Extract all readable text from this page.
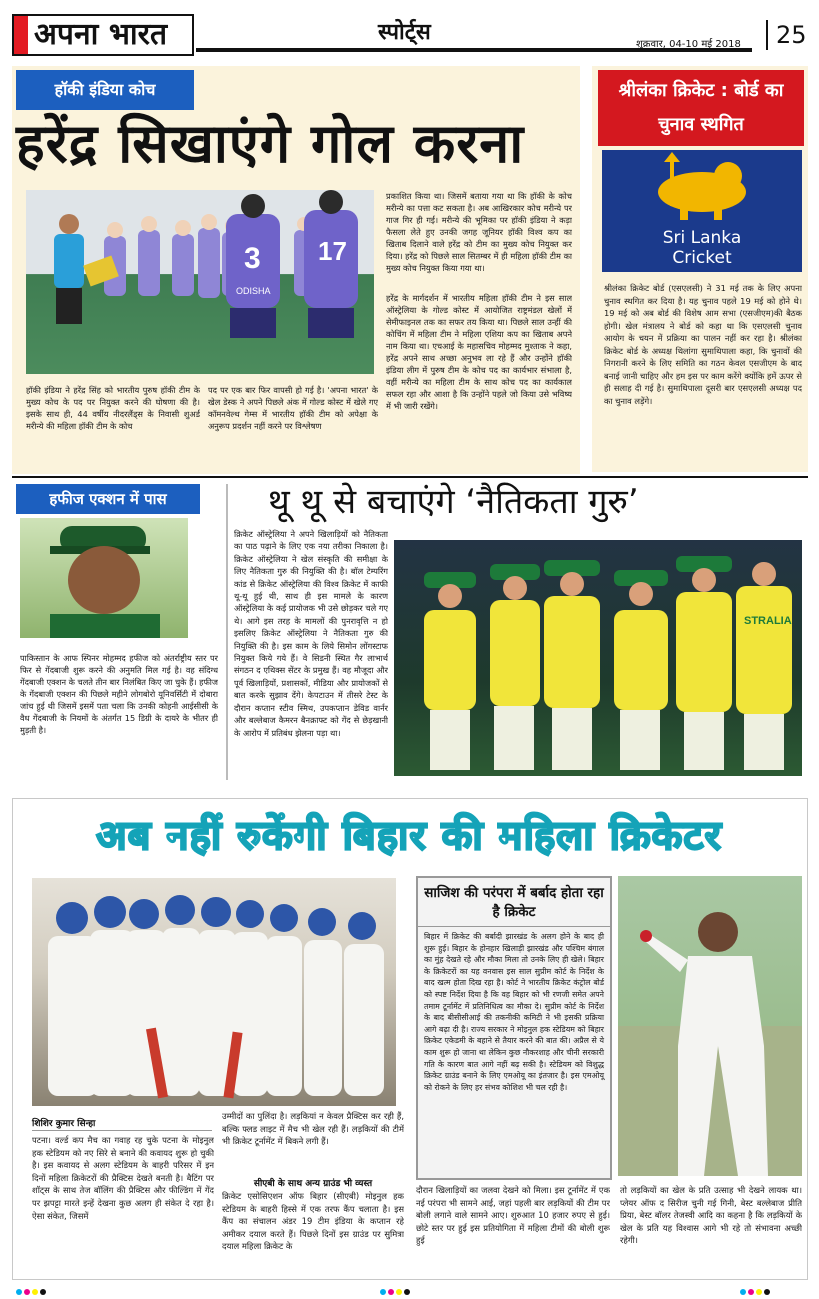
अपना भारत	स्पोर्ट्स	शुक्रवार, 04-10 मई 2018	25
हॉकी इंडिया कोच
हरेंद्र सिखाएंगे गोल करना
3 17
ODISHA
प्रकाशित किया था। जिसमें बताया गया था कि हॉकी के कोच मरीन्ये का पत्ता कट सकता है। अब आखिरकार कोच मरीन्ये पर गाज गिर ही गई। मरीन्ये की भूमिका पर हॉकी इंडिया ने कड़ा फैसला लेते हुए उनकी जगह जूनियर हॉकी विश्व कप का खिताब दिलाने वाले हरेंद्र को टीम का मुख्य कोच नियुक्त कर दिया। हरेंद्र को पिछले साल सितम्बर में ही महिला हॉकी टीम का मुख्य कोच नियुक्त किया गया था।
हरेंद्र के मार्गदर्शन में भारतीय महिला हॉकी टीम ने इस साल ऑस्ट्रेलिया के गोल्ड कोस्ट में आयोजित राष्ट्रमंडल खेलों में सेमीफाइनल तक का सफर तय किया था। पिछले साल उन्हीं की कोचिंग में महिला टीम ने महिला एशिया कप का खिताब अपने नाम किया था। एचआई के महासचिव मोहम्मद मुश्ताक ने कहा, हरेंद्र अपने साथ अच्छा अनुभव ला रहे हैं और उन्होंने हॉकी इंडिया लीग में पुरुष टीम के कोच पद का कार्यभार संभाला है, वहीं मरीन्ये का महिला टीम के साथ कोच पद का कार्यकाल सफल रहा और आशा है कि उन्होंने पहले जो किया उसे भविष्य में भी जारी रखेंगे।
हॉकी इंडिया ने हरेंद्र सिंह को भारतीय पुरुष हॉकी टीम के मुख्य कोच के पद पर नियुक्त करने की घोषणा की है। इसके साथ ही, 44 वर्षीय नीदरलैंड्स के निवासी शुअर्ड मरीन्ये की महिला हॉकी टीम के कोच
पद पर एक बार फिर वापसी हो गई है। 'अपना भारत' के खेल डेस्क ने अपने पिछले अंक में गोल्ड कोस्ट में खेले गए कॉमनवेल्थ गेम्स में भारतीय हॉकी टीम को अपेक्षा के अनुरूप प्रदर्शन नहीं करने पर विश्लेषण
श्रीलंका क्रिकेट : बोर्ड का चुनाव स्थगित
Sri Lanka
Cricket
श्रीलंका क्रिकेट बोर्ड (एसएलसी) ने 31 मई तक के लिए अपना चुनाव स्थगित कर दिया है। यह चुनाव पहले 19 मई को होने थे। 19 मई को अब बोर्ड की विशेष आम सभा (एसजीएम)की बैठक होगी। खेल मंत्रालय ने बोर्ड को कहा था कि एसएलसी चुनाव आयोग के चयन में प्रक्रिया का पालन नहीं कर रहा है। श्रीलंका क्रिकेट बोर्ड के अध्यक्ष थिलांगा सुमाथिपाला कहा, कि चुनावों की निगरानी करने के लिए समिति का गठन केवल एसजीएम के बाद बनाई जानी चाहिए और हम इस पर काम करेंगे क्योंकि हमें ऊपर से ही सलाह दी गई है। सुमाथिपाला दूसरी बार एसएलसी अध्यक्ष पद का चुनाव लड़ेंगे।
हफीज एक्शन में पास
पाकिस्तान के आफ स्पिनर मोहम्मद हफीज को अंतर्राष्ट्रीय स्तर पर फिर से गेंदबाजी शुरू करने की अनुमति मिल गई है। वह संदिग्ध गेंदबाजी एक्शन के चलते तीन बार निलंबित किए जा चुके हैं। हफीज के गेंदबाजी एक्शन की पिछले महीने लोगबोरो यूनिवर्सिटी में दोबारा जांच हुई थी जिसमें इसमें पता चला कि उनकी कोहनी आईसीसी के वैध गेंदबाजी के नियमों के अंतर्गत 15 डिग्री के दायरे के भीतर ही मुड़ती है।
थू थू से बचाएंगे ‘नैतिकता गुरु’
क्रिकेट ऑस्ट्रेलिया ने अपने खिलाड़ियों को नैतिकता का पाठ पढ़ाने के लिए एक नया तरीका निकाला है। क्रिकेट ऑस्ट्रेलिया ने खेल संस्कृति की समीक्षा के लिए नैतिकता गुरु की नियुक्ति की है। बॉल टेम्परिंग कांड से क्रिकेट ऑस्ट्रेलिया की विश्व क्रिकेट में काफी थू-थू हुई थी, साथ ही इस मामले के कारण ऑस्ट्रेलिया के कई प्रायोजक भी उसे छोड़कर चले गए थे। आगे इस तरह के मामलों की पुनरावृत्ति न हो इसलिए क्रिकेट ऑस्ट्रेलिया ने नैतिकता गुरु की नियुक्ति की है। इस काम के लिये सिमोन लोंगस्टाफ नियुक्त किये गये हैं। वे सिडनी स्थित गैर लाभार्थ संगठन द एथिक्स सेंटर के प्रमुख हैं। वह मौजूदा और पूर्व खिलाड़ियों, प्रशासकों, मीडिया और प्रायोजकों से बात करके सुझाव देंगे। केपटाउन में तीसरे टेस्ट के दौरान कप्तान स्टीव स्मिथ, उपकप्तान डेविड वार्नर और बल्लेबाज कैमरन बैनक्राफ्ट को गेंद से छेड़खानी के आरोप में प्रतिबंध झेलना पड़ा था।
STRALIA
अब नहीं रुकेंगी बिहार की महिला क्रिकेटर
शिशिर कुमार सिन्हा
पटना। वर्ल्ड कप मैच का गवाह रह चुके पटना के मोइनुल हक स्टेडियम को नए सिरे से बनाने की कवायद शुरू हो चुकी है। इस कवायद से अलग स्टेडियम के बाहरी परिसर में इन दिनों महिला क्रिकेटरों की प्रैक्टिस देखते बनती है। बैटिंग पर शॉट्स के साथ तेज बॉलिंग की प्रैक्टिस और फील्डिंग में गेंद पर झपट्टा मारते इन्हें देखना कुछ अलग ही संकेत दे रहा है। ऐसा संकेत, जिसमें
उम्मीदों का पुलिंदा है। लड़कियां न केवल प्रैक्टिस कर रही हैं, बल्कि फ्लड लाइट में मैच भी खेल रही हैं। लड़कियों की टीमें भी क्रिकेट टूर्नामेंट में बिकने लगी हैं।
सीएबी के साथ अन्य ग्राउंड भी व्यस्त
क्रिकेट एसोसिएशन ऑफ बिहार (सीएबी) मोइनुल हक स्टेडियम के बाहरी हिस्से में एक तरफ कैंप चलाता है। इस कैंप का संचालन अंडर 19 टीम इंडिया के कप्तान रहे अमीकर दयाल करते हैं। पिछले दिनों इस ग्राउंड पर सुमित्रा दयाल महिला क्रिकेट के
साजिश की परंपरा में बर्बाद होता रहा है क्रिकेट
बिहार में क्रिकेट की बर्बादी झारखंड के अलग होने के बाद ही शुरू हुई। बिहार के होनहार खिलाड़ी झारखंड और पश्चिम बंगाल का मुंह देखते रहे और मौका मिला तो उनके लिए ही खेले। बिहार के क्रिकेटरों का यह वनवास इस साल सुप्रीम कोर्ट के निर्देश के बाद खत्म होता दिख रहा है। कोर्ट ने भारतीय क्रिकेट कंट्रोल बोर्ड को स्पष्ट निर्देश दिया है कि वह बिहार को भी रणजी समेत अपने तमाम टूर्नामेंट में प्रतिनिधित्व का मौका दे। सुप्रीम कोर्ट के निर्देश के बाद बीसीसीआई की तकनीकी कमिटी ने भी इसकी प्रक्रिया आगे बढ़ा दी है। राज्य सरकार ने मोइनुल हक स्टेडियम को बिहार क्रिकेट एकेडमी के बहाने से तैयार करने की बात की। अप्रैल से ये काम शुरू हो जाना था लेकिन कुछ नौकरशाह और चीनी सरकारी गति के कारण बात आगे नहीं बढ़ सकी है। स्टेडियम को विशुद्ध क्रिकेट ग्राउंड बनाने के लिए एमओयू का इंतजार है। इस एमओयू को रोकने के लिए हर संभव कोशिश भी चल रही है।
दौरान खिलाड़ियों का जलवा देखने को मिला। इस टूर्नामेंट में एक नई परंपरा भी सामने आई, जहां पहली बार लड़कियों की टीम पर बोली लगाने वाले सामने आए। शुरुआत 10 हजार रुपए से हुई। छोटे स्तर पर हुई इस प्रतियोगिता में महिला टीमों की बोली शुरू हुई
तो लड़कियों का खेल के प्रति उत्साह भी देखने लायक था। प्लेयर ऑफ द सिरीज चुनी गई गिनी, बेस्ट बल्लेबाज प्रीति प्रिया, बेस्ट बॉलर तेजस्वी आदि का कहना है कि लड़कियों के खेल के प्रति यह विश्वास आगे भी रहे तो संभावना अच्छी रहेगी।
